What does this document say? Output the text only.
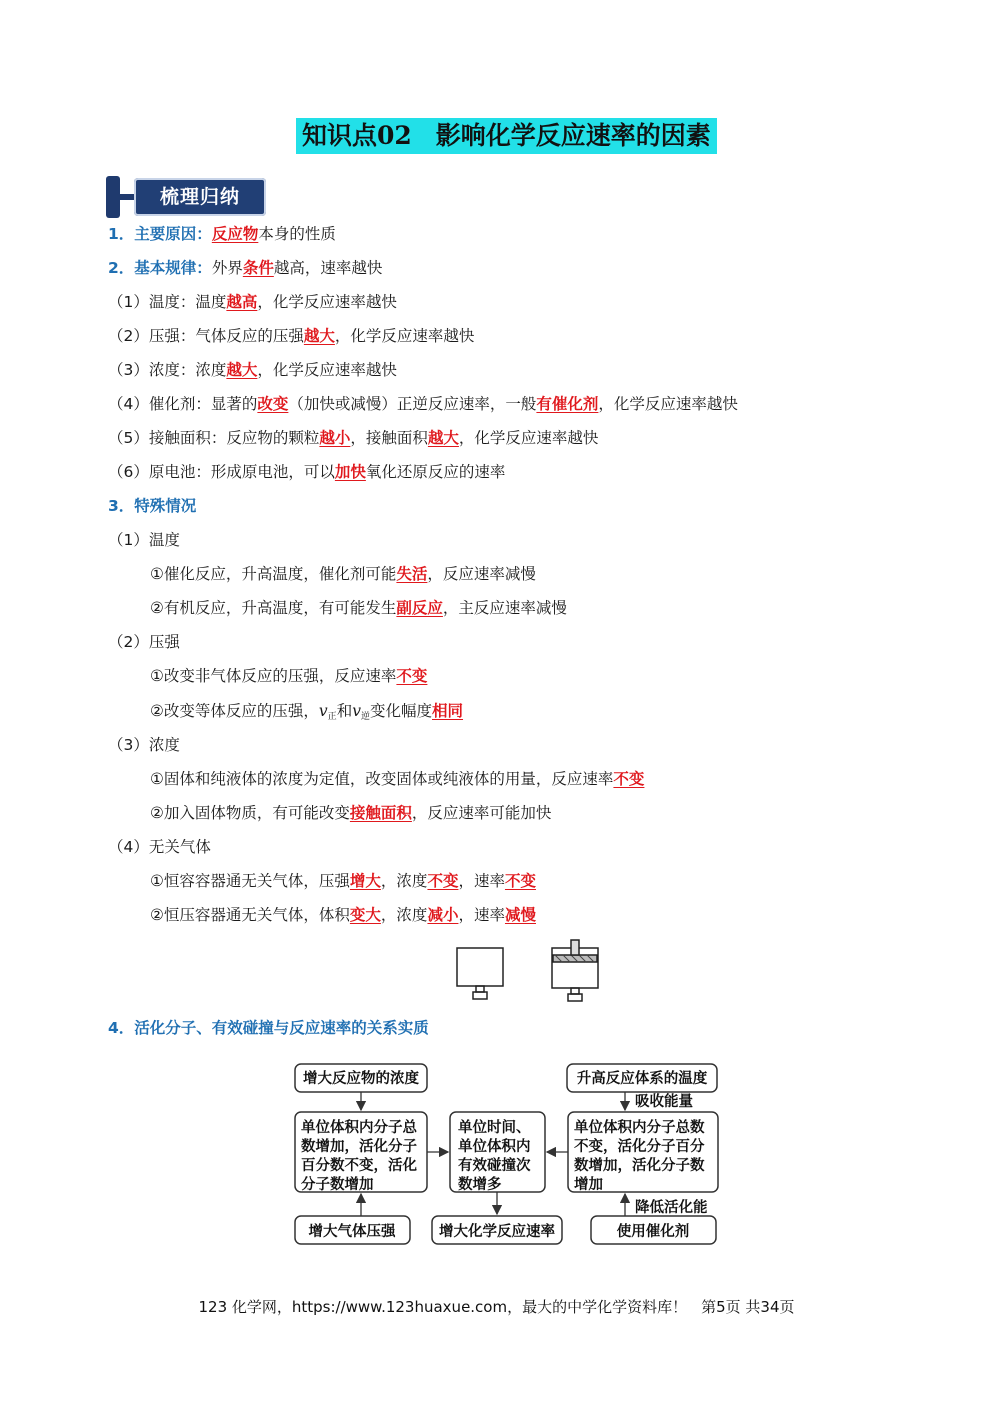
知识点02 影响化学反应速率的因素
梳理归纳
1．主要原因：反应物本身的性质
2．基本规律：外界条件越高，速率越快
（1）温度：温度越高，化学反应速率越快
（2）压强：气体反应的压强越大，化学反应速率越快
（3）浓度：浓度越大，化学反应速率越快
（4）催化剂：显著的改变（加快或减慢）正逆反应速率，一般有催化剂，化学反应速率越快
（5）接触面积：反应物的颗粒越小，接触面积越大，化学反应速率越快
（6）原电池：形成原电池，可以加快氧化还原反应的速率
3．特殊情况
（1）温度
①催化反应，升高温度，催化剂可能失活，反应速率减慢
②有机反应，升高温度，有可能发生副反应，主反应速率减慢
（2）压强
①改变非气体反应的压强，反应速率不变
②改变等体反应的压强，$v_正$和$v_逆$变化幅度相同
（3）浓度
①固体和纯液体的浓度为定值，改变固体或纯液体的用量，反应速率不变
②加入固体物质，有可能改变接触面积，反应速率可能加快
（4）无关气体
①恒容容器通无关气体，压强增大，浓度不变，速率不变
②恒压容器通无关气体，体积变大，浓度减小，速率减慢
4．活化分子、有效碰撞与反应速率的关系实质
增大反应物的浓度	升高反应体系的温度
吸收能量
单位体积内分子总
数增加，活化分子
百分数不变，活化
分子数增加
单位时间、
单位体积内
有效碰撞次
数增多
单位体积内分子总数
不变，活化分子百分
数增加，活化分子数
增加
降低活化能
增大气体压强	增大化学反应速率	使用催化剂
123 化学网，https://www.123huaxue.com，最大的中学化学资料库！ 第5页 共34页
